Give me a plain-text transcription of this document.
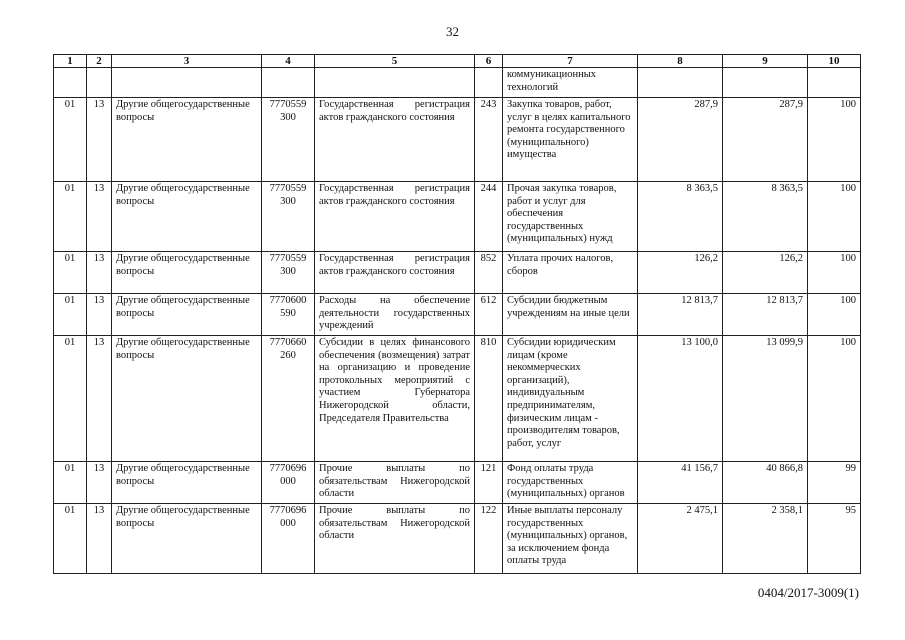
32
1	2	3	4	5	6	7	8	9	10
						коммуникационных технологий			
01	13	Другие общегосударственные вопросы	7770559 300	Государственная регистрация актов гражданского состояния	243	Закупка товаров, работ, услуг в целях капитального ремонта государственного (муниципального) имущества	287,9	287,9	100
01	13	Другие общегосударственные вопросы	7770559 300	Государственная регистрация актов гражданского состояния	244	Прочая закупка товаров, работ и услуг для обеспечения государственных (муниципальных) нужд	8 363,5	8 363,5	100
01	13	Другие общегосударственные вопросы	7770559 300	Государственная регистрация актов гражданского состояния	852	Уплата прочих налогов, сборов	126,2	126,2	100
01	13	Другие общегосударственные вопросы	7770600 590	Расходы на обеспечение деятельности государственных учреждений	612	Субсидии бюджетным учреждениям на иные цели	12 813,7	12 813,7	100
01	13	Другие общегосударственные вопросы	7770660 260	Субсидии в целях финансового обеспечения (возмещения) затрат на организацию и проведение протокольных мероприятий с участием Губернатора Нижегородской области, Председателя Правительства	810	Субсидии юридическим лицам (кроме некоммерческих организаций), индивидуальным предпринимателям, физическим лицам - производителям товаров, работ, услуг	13 100,0	13 099,9	100
01	13	Другие общегосударственные вопросы	7770696 000	Прочие выплаты по обязательствам Нижегородской области	121	Фонд оплаты труда государственных (муниципальных) органов	41 156,7	40 866,8	99
01	13	Другие общегосударственные вопросы	7770696 000	Прочие выплаты по обязательствам Нижегородской области	122	Иные выплаты персоналу государственных (муниципальных) органов, за исключением фонда оплаты труда	2 475,1	2 358,1	95
0404/2017-3009(1)
